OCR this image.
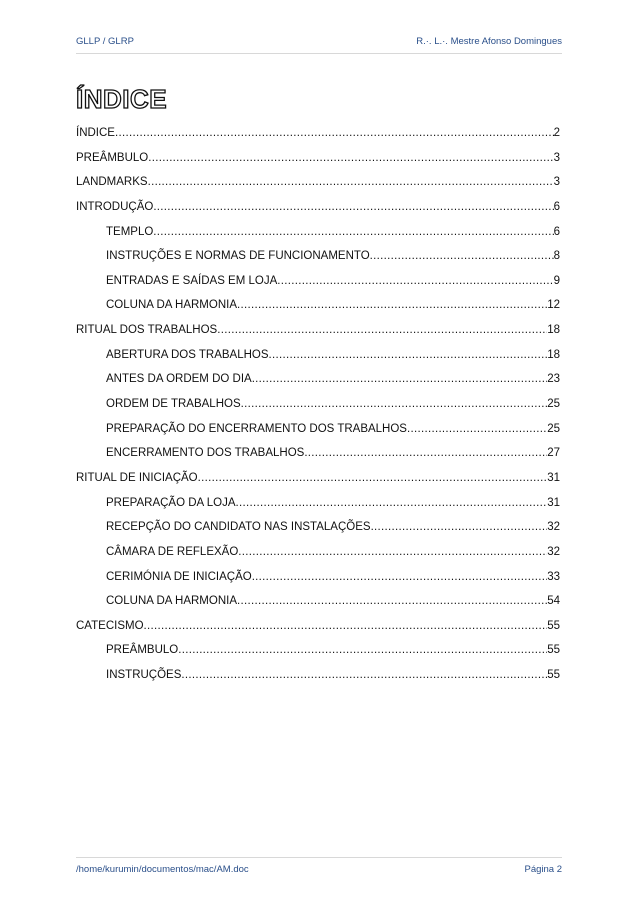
GLLP / GLRP	R.·. L.·. Mestre Afonso Domingues
ÍNDICE
ÍNDICE .....	2
PREÂMBULO .....	3
LANDMARKS .....	3
INTRODUÇÃO .....	6
TEMPLO .....	6
INSTRUÇÕES E NORMAS DE FUNCIONAMENTO .....	8
ENTRADAS E SAÍDAS EM LOJA .....	9
COLUNA DA HARMONIA .....	12
RITUAL DOS TRABALHOS .....	18
ABERTURA DOS TRABALHOS .....	18
ANTES DA ORDEM DO DIA .....	23
ORDEM DE TRABALHOS .....	25
PREPARAÇÃO DO ENCERRAMENTO DOS TRABALHOS .....	25
ENCERRAMENTO DOS TRABALHOS .....	27
RITUAL DE INICIAÇÃO .....	31
PREPARAÇÃO DA LOJA .....	31
RECEPÇÃO DO CANDIDATO NAS INSTALAÇÕES .....	32
CÂMARA DE REFLEXÃO .....	32
CERIMÓNIA DE INICIAÇÃO .....	33
COLUNA DA HARMONIA .....	54
CATECISMO .....	55
PREÂMBULO .....	55
INSTRUÇÕES .....	55
/home/kurumin/documentos/mac/AM.doc	Página 2
